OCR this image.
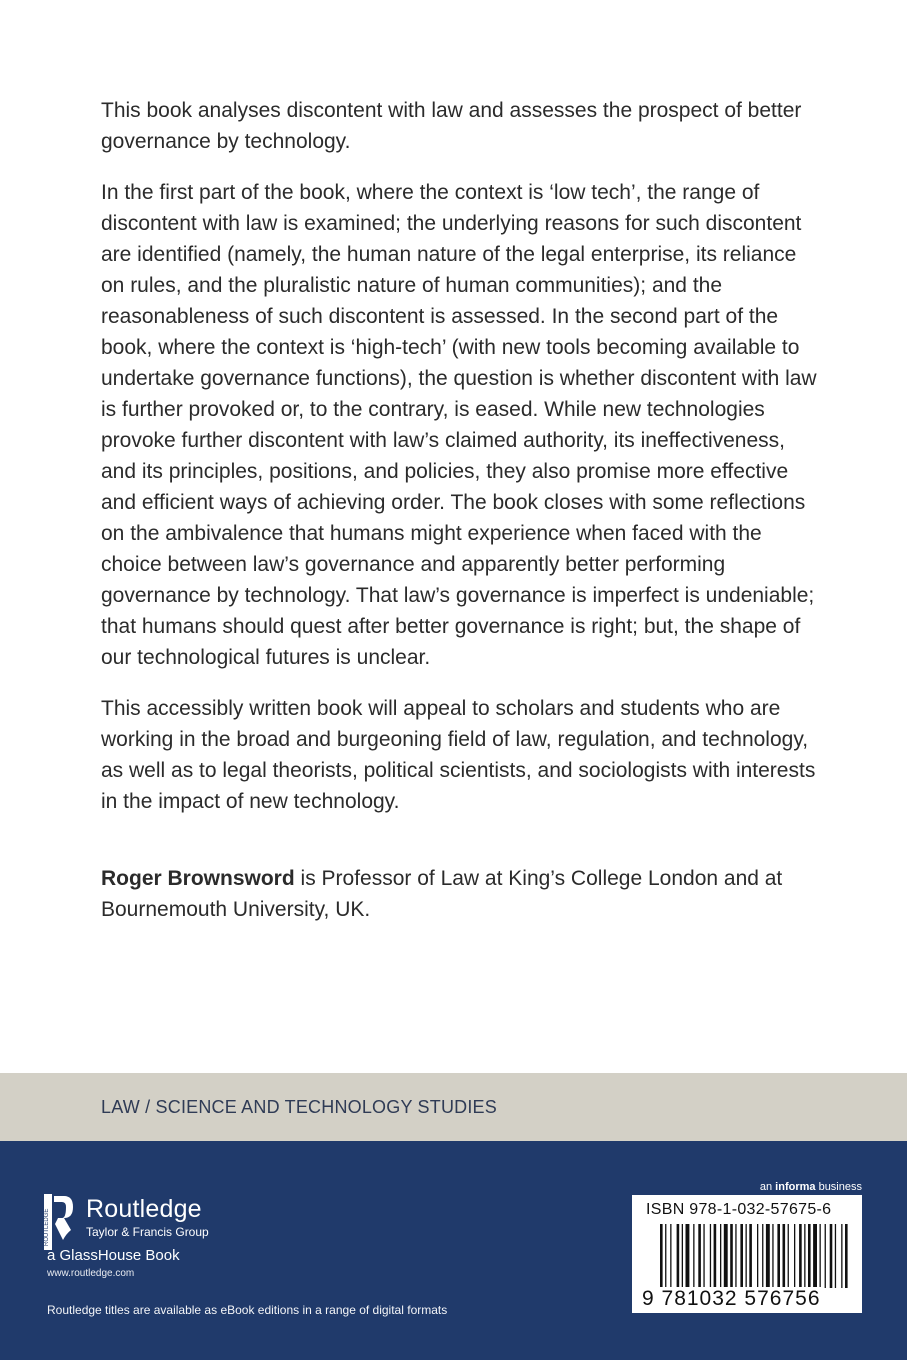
This book analyses discontent with law and assesses the prospect of better governance by technology.

In the first part of the book, where the context is ‘low tech’, the range of discontent with law is examined; the underlying reasons for such discontent are identified (namely, the human nature of the legal enterprise, its reliance on rules, and the pluralistic nature of human communities); and the reasonableness of such discontent is assessed. In the second part of the book, where the context is ‘high-tech’ (with new tools becoming available to undertake governance functions), the question is whether discontent with law is further provoked or, to the contrary, is eased. While new technologies provoke further discontent with law’s claimed authority, its ineffectiveness, and its principles, positions, and policies, they also promise more effective and efficient ways of achieving order. The book closes with some reflections on the ambivalence that humans might experience when faced with the choice between law’s governance and apparently better performing governance by technology. That law’s governance is imperfect is undeniable; that humans should quest after better governance is right; but, the shape of our technological futures is unclear.

This accessibly written book will appeal to scholars and students who are working in the broad and burgeoning field of law, regulation, and technology, as well as to legal theorists, political scientists, and sociologists with interests in the impact of new technology.

Roger Brownsword is Professor of Law at King’s College London and at Bournemouth University, UK.
LAW / SCIENCE AND TECHNOLOGY STUDIES
ROUTLEDGE Routledge
Taylor & Francis Group
a GlassHouse Book
www.routledge.com
Routledge titles are available as eBook editions in a range of digital formats
an informa business
ISBN 978-1-032-57675-6
9 781032 576756
